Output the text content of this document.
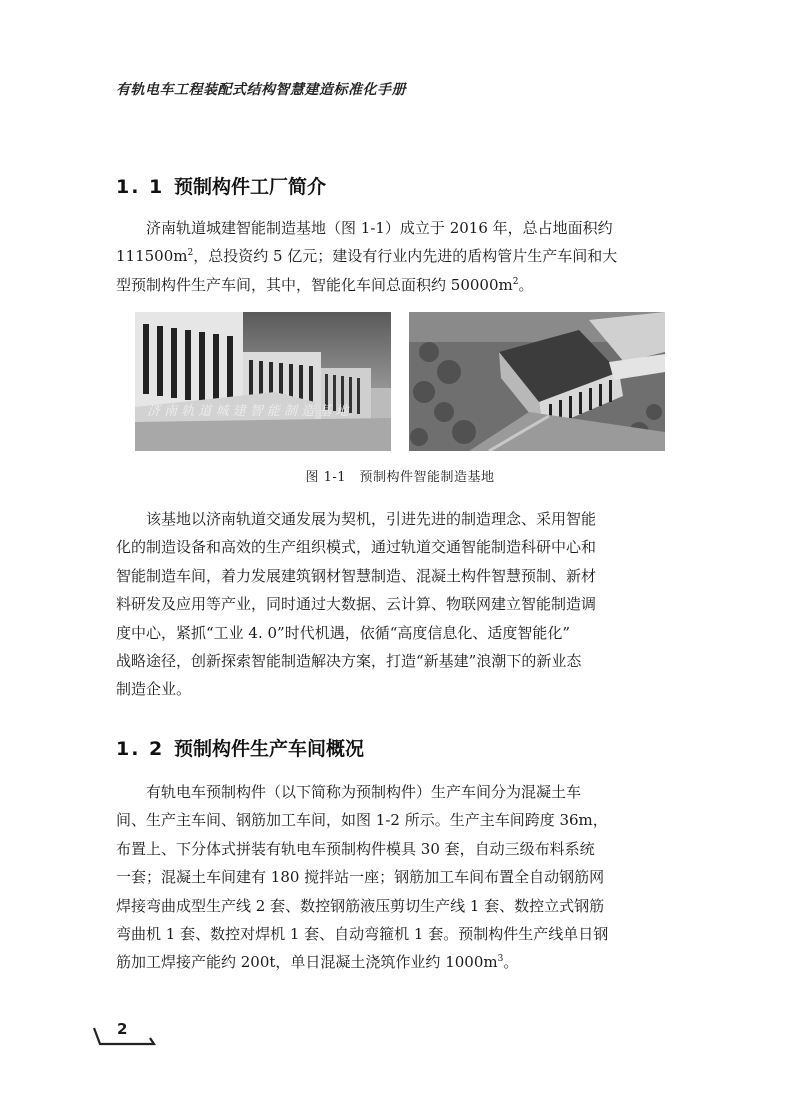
有轨电车工程装配式结构智慧建造标准化手册
1. 1 预制构件工厂简介
济南轨道城建智能制造基地（图 1-1）成立于 2016 年，总占地面积约
$111500m^2$，总投资约 5 亿元；建设有行业内先进的盾构管片生产车间和大
型预制构件生产车间，其中，智能化车间总面积约 $50000m^2$。
济 南 轨 道 城 建 智 能 制 造 基 地
图 1-1　预制构件智能制造基地
该基地以济南轨道交通发展为契机，引进先进的制造理念、采用智能
化的制造设备和高效的生产组织模式，通过轨道交通智能制造科研中心和
智能制造车间，着力发展建筑钢材智慧制造、混凝土构件智慧预制、新材
料研发及应用等产业，同时通过大数据、云计算、物联网建立智能制造调
度中心，紧抓“工业 4. 0”时代机遇，依循“高度信息化、适度智能化”
战略途径，创新探索智能制造解决方案，打造“新基建”浪潮下的新业态
制造企业。
1. 2 预制构件生产车间概况
有轨电车预制构件（以下简称为预制构件）生产车间分为混凝土车
间、生产主车间、钢筋加工车间，如图 1-2 所示。生产主车间跨度 36m，
布置上、下分体式拼装有轨电车预制构件模具 30 套，自动三级布料系统
一套；混凝土车间建有 180 搅拌站一座；钢筋加工车间布置全自动钢筋网
焊接弯曲成型生产线 2 套、数控钢筋液压剪切生产线 1 套、数控立式钢筋
弯曲机 1 套、数控对焊机 1 套、自动弯箍机 1 套。预制构件生产线单日钢
筋加工焊接产能约 200t，单日混凝土浇筑作业约 $1000m^3$。
2
